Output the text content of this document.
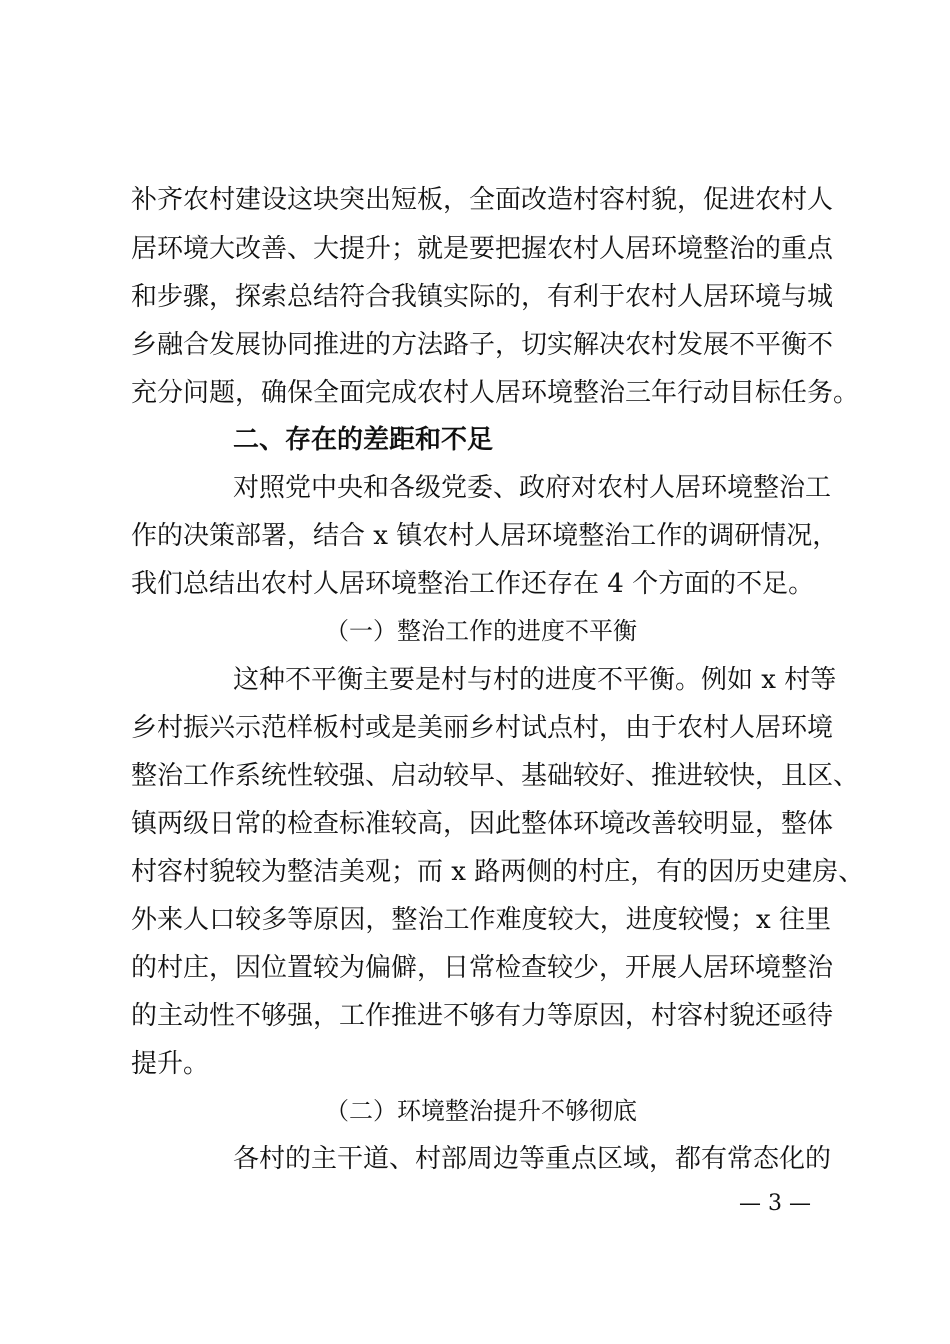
补齐农村建设这块突出短板，全面改造村容村貌，促进农村人
居环境大改善、大提升；就是要把握农村人居环境整治的重点
和步骤，探索总结符合我镇实际的，有利于农村人居环境与城
乡融合发展协同推进的方法路子，切实解决农村发展不平衡不
充分问题，确保全面完成农村人居环境整治三年行动目标任务。
二、存在的差距和不足
对照党中央和各级党委、政府对农村人居环境整治工
作的决策部署，结合 x 镇农村人居环境整治工作的调研情况，
我们总结出农村人居环境整治工作还存在 4 个方面的不足。
（一）整治工作的进度不平衡
这种不平衡主要是村与村的进度不平衡。例如 x 村等
乡村振兴示范样板村或是美丽乡村试点村，由于农村人居环境
整治工作系统性较强、启动较早、基础较好、推进较快，且区、
镇两级日常的检查标准较高，因此整体环境改善较明显，整体
村容村貌较为整洁美观；而 x 路两侧的村庄，有的因历史建房、
外来人口较多等原因，整治工作难度较大，进度较慢；x 往里
的村庄，因位置较为偏僻，日常检查较少，开展人居环境整治
的主动性不够强，工作推进不够有力等原因，村容村貌还亟待
提升。
（二）环境整治提升不够彻底
各村的主干道、村部周边等重点区域，都有常态化的
— 3 —
